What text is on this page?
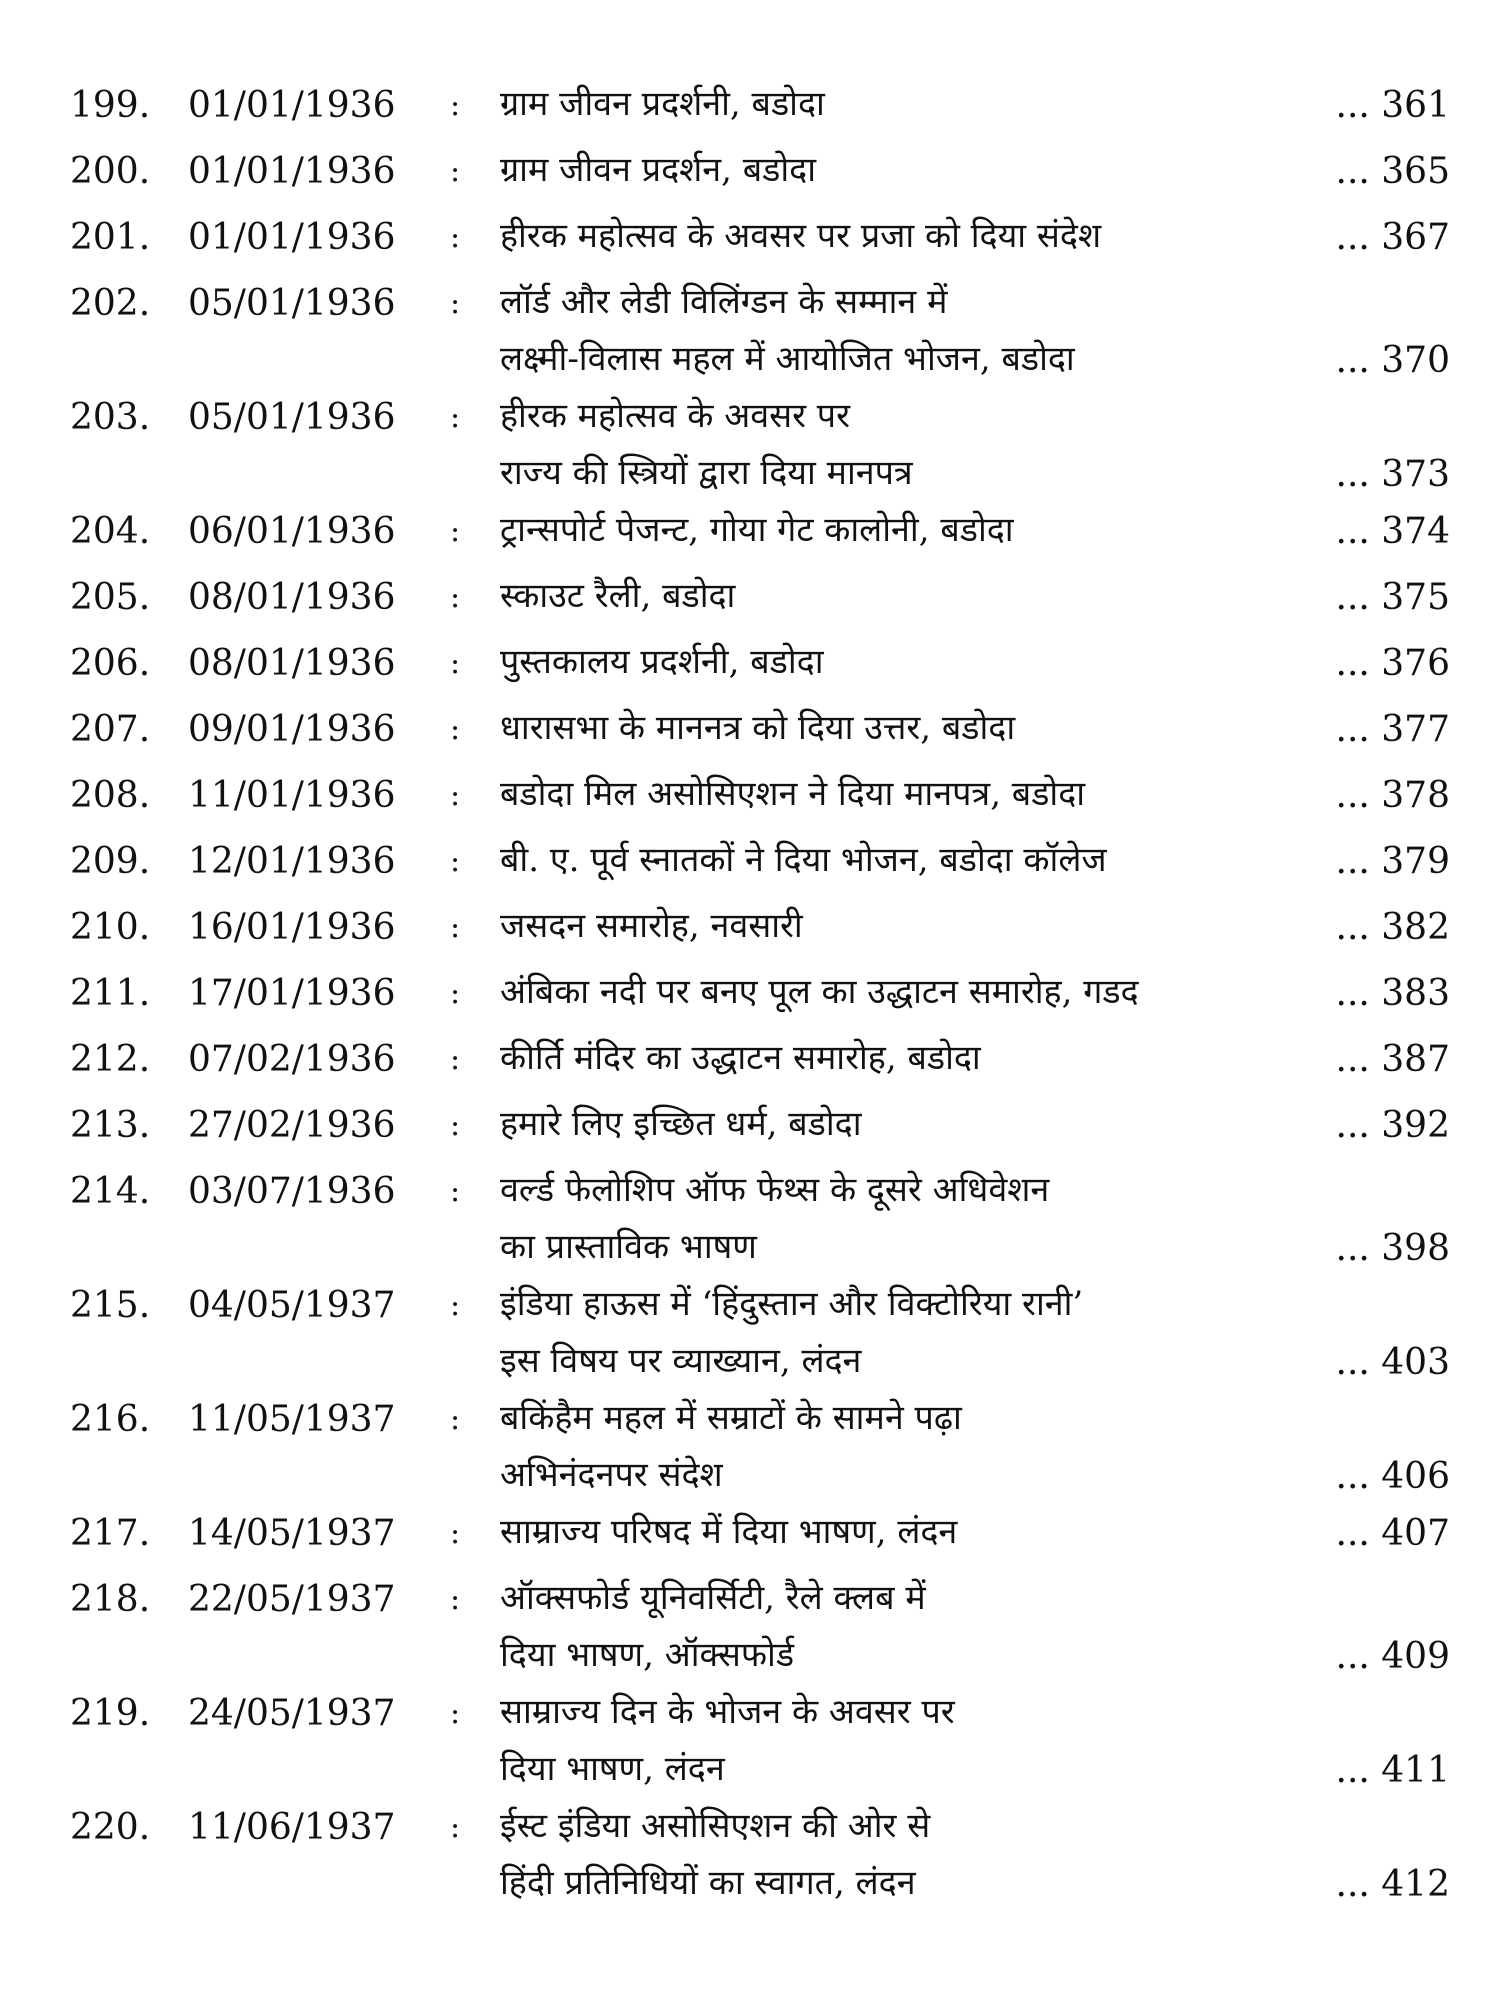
199. 01/01/1936 : ग्राम जीवन प्रदर्शनी, बडोदा	... 361
200. 01/01/1936 : ग्राम जीवन प्रदर्शन, बडोदा	... 365
201. 01/01/1936 : हीरक महोत्सव के अवसर पर प्रजा को दिया संदेश	... 367
202. 05/01/1936 : लॉर्ड और लेडी विलिंग्डन के सम्मान में
लक्ष्मी-विलास महल में आयोजित भोजन, बडोदा	... 370
203. 05/01/1936 : हीरक महोत्सव के अवसर पर
राज्य की स्त्रियों द्वारा दिया मानपत्र	... 373
204. 06/01/1936 : ट्रान्सपोर्ट पेजन्ट, गोया गेट कालोनी, बडोदा	... 374
205. 08/01/1936 : स्काउट रैली, बडोदा	... 375
206. 08/01/1936 : पुस्तकालय प्रदर्शनी, बडोदा	... 376
207. 09/01/1936 : धारासभा के माननत्र को दिया उत्तर, बडोदा	... 377
208. 11/01/1936 : बडोदा मिल असोसिएशन ने दिया मानपत्र, बडोदा	... 378
209. 12/01/1936 : बी. ए. पूर्व स्नातकों ने दिया भोजन, बडोदा कॉलेज	... 379
210. 16/01/1936 : जसदन समारोह, नवसारी	... 382
211. 17/01/1936 : अंबिका नदी पर बनए पूल का उद्धाटन समारोह, गडद	... 383
212. 07/02/1936 : कीर्ति मंदिर का उद्धाटन समारोह, बडोदा	... 387
213. 27/02/1936 : हमारे लिए इच्छित धर्म, बडोदा	... 392
214. 03/07/1936 : वर्ल्ड फेलोशिप ऑफ फेथ्स के दूसरे अधिवेशन
का प्रास्ताविक भाषण	... 398
215. 04/05/1937 : इंडिया हाऊस में ‘हिंदुस्तान और विक्टोरिया रानी’
इस विषय पर व्याख्यान, लंदन	... 403
216. 11/05/1937 : बकिंहैम महल में सम्राटों के सामने पढ़ा
अभिनंदनपर संदेश	... 406
217. 14/05/1937 : साम्राज्य परिषद में दिया भाषण, लंदन	... 407
218. 22/05/1937 : ऑक्सफोर्ड यूनिवर्सिटी, रैले क्लब में
दिया भाषण, ऑक्सफोर्ड	... 409
219. 24/05/1937 : साम्राज्य दिन के भोजन के अवसर पर
दिया भाषण, लंदन	... 411
220. 11/06/1937 : ईस्ट इंडिया असोसिएशन की ओर से
हिंदी प्रतिनिधियों का स्वागत, लंदन	... 412
